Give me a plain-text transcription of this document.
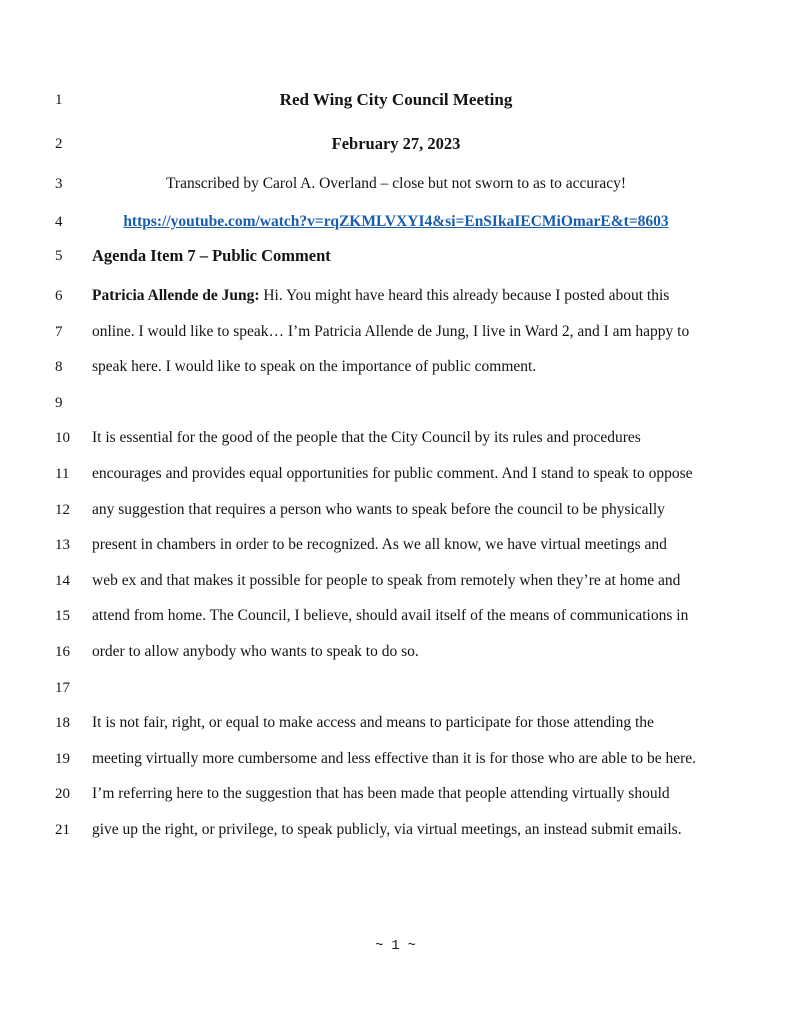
1	Red Wing City Council Meeting
2	February 27, 2023
3	Transcribed by Carol A. Overland – close but not sworn to as to accuracy!
4	https://youtube.com/watch?v=rqZKMLVXYI4&si=EnSIkaIECMiOmarE&t=8603
5	Agenda Item 7 – Public Comment
6	Patricia Allende de Jung: Hi. You might have heard this already because I posted about this
7	online. I would like to speak… I’m Patricia Allende de Jung, I live in Ward 2, and I am happy to
8	speak here. I would like to speak on the importance of public comment.
9
10	It is essential for the good of the people that the City Council by its rules and procedures
11	encourages and provides equal opportunities for public comment. And I stand to speak to oppose
12	any suggestion that requires a person who wants to speak before the council to be physically
13	present in chambers in order to be recognized. As we all know, we have virtual meetings and
14	web ex and that makes it possible for people to speak from remotely when they’re at home and
15	attend from home. The Council, I believe, should avail itself of the means of communications in
16	order to allow anybody who wants to speak to do so.
17
18	It is not fair, right, or equal to make access and means to participate for those attending the
19	meeting virtually more cumbersome and less effective than it is for those who are able to be here.
20	I’m referring here to the suggestion that has been made that people attending virtually should
21	give up the right, or privilege, to speak publicly, via virtual meetings, an instead submit emails.
~ 1 ~
